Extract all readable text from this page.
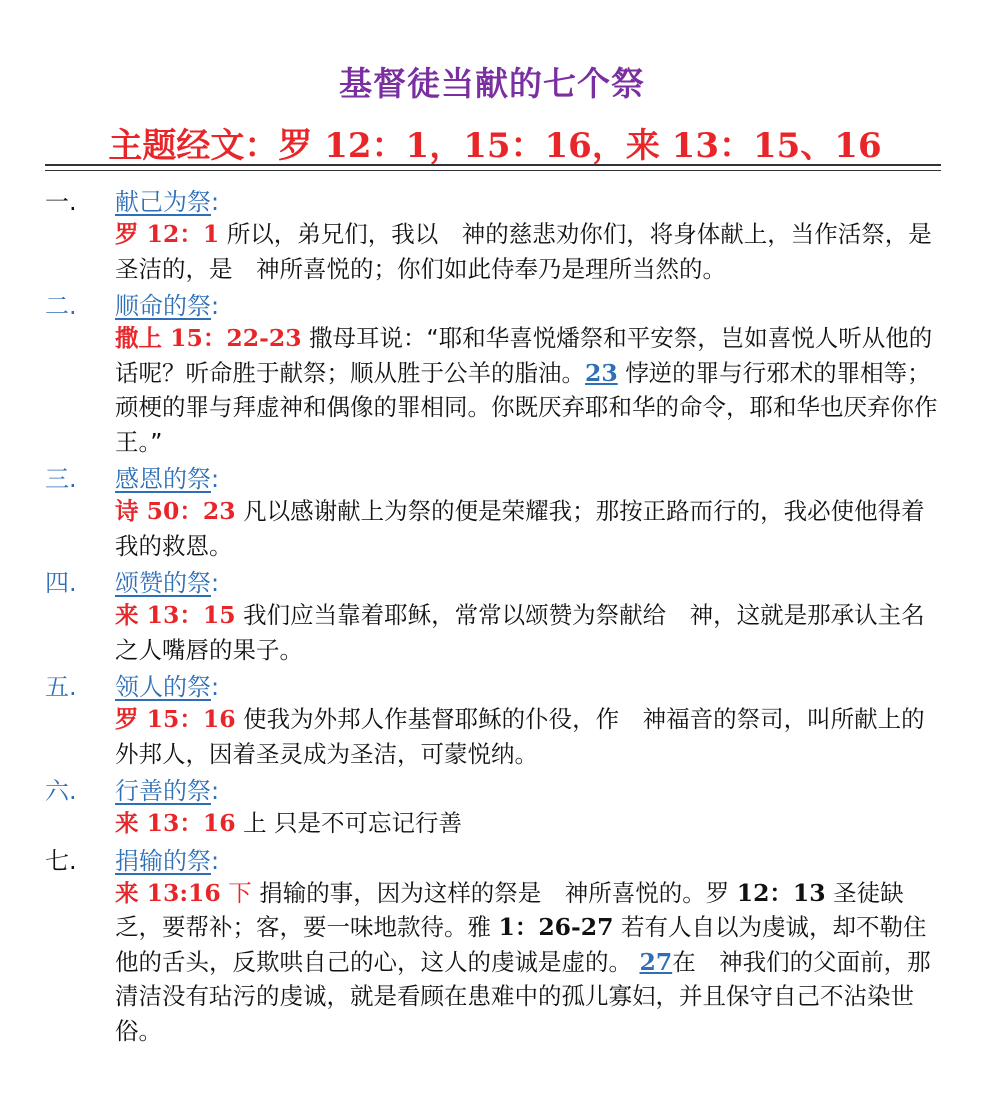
基督徒当献的七个祭
主题经文：罗 12：1，15：16，来 13：15、16
一.	献己为祭 :
罗 12：1 所以，弟兄们，我以　神的慈悲劝你们，将身体献上，当作活祭，是圣洁的，是　神所喜悦的；你们如此侍奉乃是理所当然的。
二.	顺命的祭 :
撒上 15：22-23 撒母耳说：“耶和华喜悦燔祭和平安祭，岂如喜悦人听从他的话呢？听命胜于献祭；顺从胜于公羊的脂油。23 悖逆的罪与行邪术的罪相等；顽梗的罪与拜虚神和偶像的罪相同。你既厌弃耶和华的命令，耶和华也厌弃你作王。”
三.	感恩的祭 :
诗 50：23 凡以感谢献上为祭的便是荣耀我；那按正路而行的，我必使他得着我的救恩。
四.	颂赞的祭 :
来 13：15 我们应当靠着耶稣，常常以颂赞为祭献给　神，这就是那承认主名之人嘴唇的果子。
五.	领人的祭 :
罗 15：16 使我为外邦人作基督耶稣的仆役，作　神福音的祭司，叫所献上的外邦人，因着圣灵成为圣洁，可蒙悦纳。
六.	行善的祭 :
来 13：16 上 只是不可忘记行善
七.	捐输的祭 :
来 13:16 下 捐输的事，因为这样的祭是　神所喜悦的。罗 12：13 圣徒缺乏，要帮补；客，要一味地款待。雅 1：26-27 若有人自以为虔诚，却不勒住他的舌头，反欺哄自己的心，这人的虔诚是虚的。 27在　神我们的父面前，那清洁没有玷污的虔诚，就是看顾在患难中的孤儿寡妇，并且保守自己不沾染世俗。
